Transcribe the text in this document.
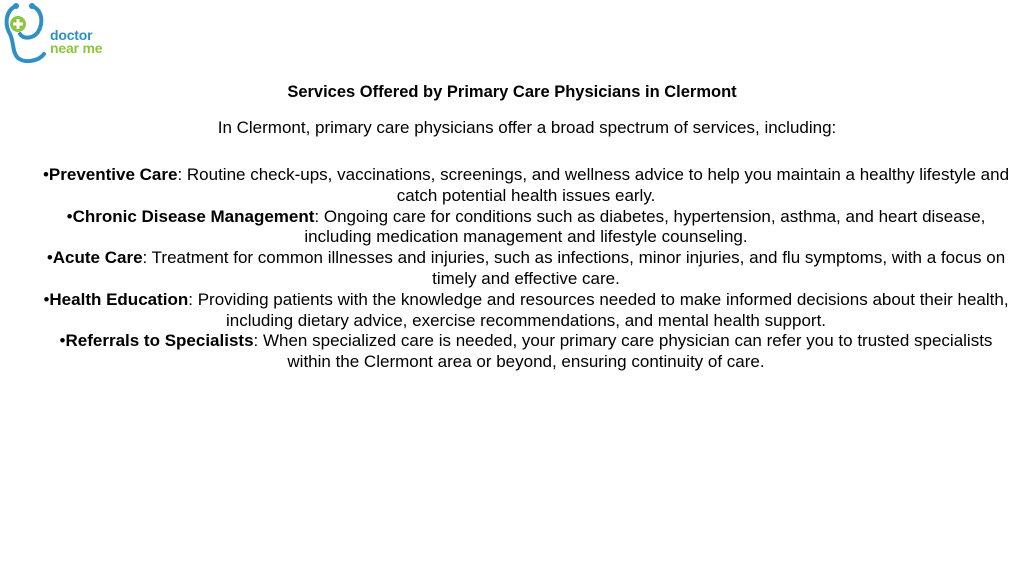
doctor
near me
Services Offered by Primary Care Physicians in Clermont

In Clermont, primary care physicians offer a broad spectrum of services, including:

•Preventive Care: Routine check-ups, vaccinations, screenings, and wellness advice to help you maintain a healthy lifestyle and catch potential health issues early.
•Chronic Disease Management: Ongoing care for conditions such as diabetes, hypertension, asthma, and heart disease, including medication management and lifestyle counseling.
•Acute Care: Treatment for common illnesses and injuries, such as infections, minor injuries, and flu symptoms, with a focus on timely and effective care.
•Health Education: Providing patients with the knowledge and resources needed to make informed decisions about their health, including dietary advice, exercise recommendations, and mental health support.
•Referrals to Specialists: When specialized care is needed, your primary care physician can refer you to trusted specialists within the Clermont area or beyond, ensuring continuity of care.
